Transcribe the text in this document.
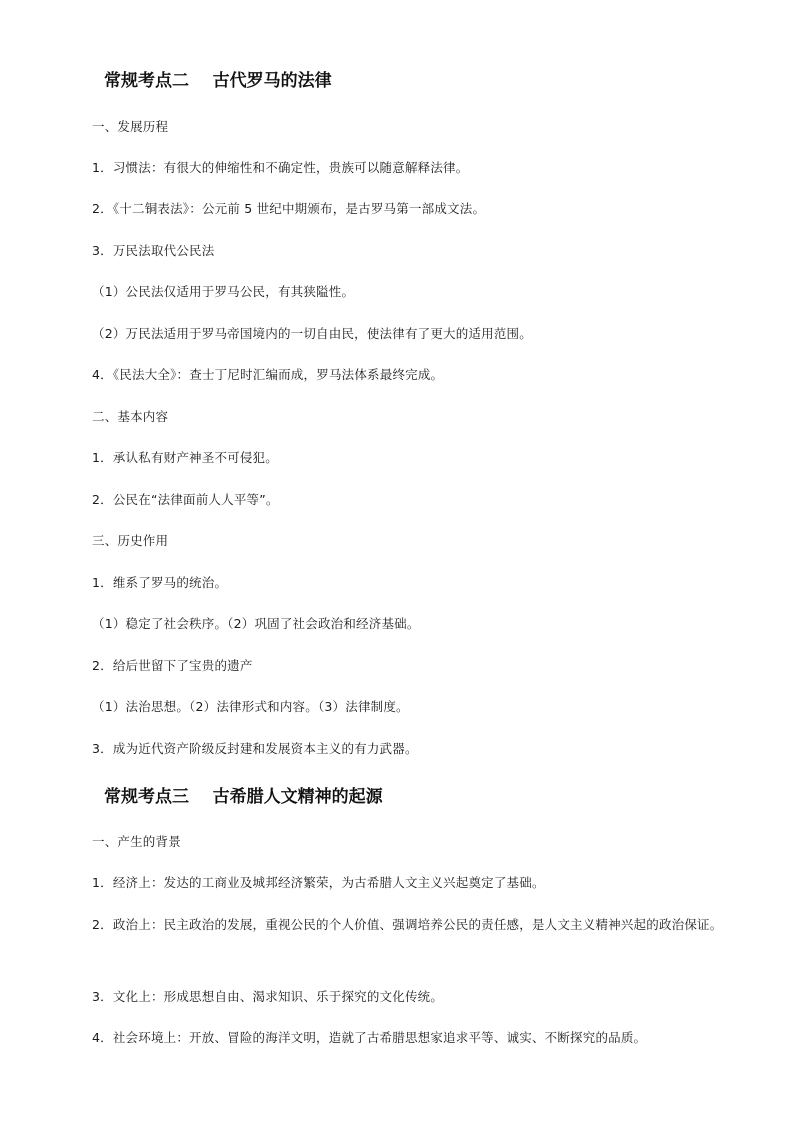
常规考点二    古代罗马的法律
一、发展历程
1．习惯法：有很大的伸缩性和不确定性，贵族可以随意解释法律。
2．《十二铜表法》：公元前 5 世纪中期颁布，是古罗马第一部成文法。
3．万民法取代公民法
（1）公民法仅适用于罗马公民，有其狭隘性。
（2）万民法适用于罗马帝国境内的一切自由民，使法律有了更大的适用范围。
4．《民法大全》：查士丁尼时汇编而成，罗马法体系最终完成。
二、基本内容
1．承认私有财产神圣不可侵犯。
2．公民在“法律面前人人平等”。
三、历史作用
1．维系了罗马的统治。
（1）稳定了社会秩序。（2）巩固了社会政治和经济基础。
2．给后世留下了宝贵的遗产
（1）法治思想。（2）法律形式和内容。（3）法律制度。
3．成为近代资产阶级反封建和发展资本主义的有力武器。
常规考点三    古希腊人文精神的起源
一、产生的背景
1．经济上：发达的工商业及城邦经济繁荣，为古希腊人文主义兴起奠定了基础。
2．政治上：民主政治的发展，重视公民的个人价值、强调培养公民的责任感，是人文主义精神兴起的政治保证。
3．文化上：形成思想自由、渴求知识、乐于探究的文化传统。
4．社会环境上：开放、冒险的海洋文明，造就了古希腊思想家追求平等、诚实、不断探究的品质。
